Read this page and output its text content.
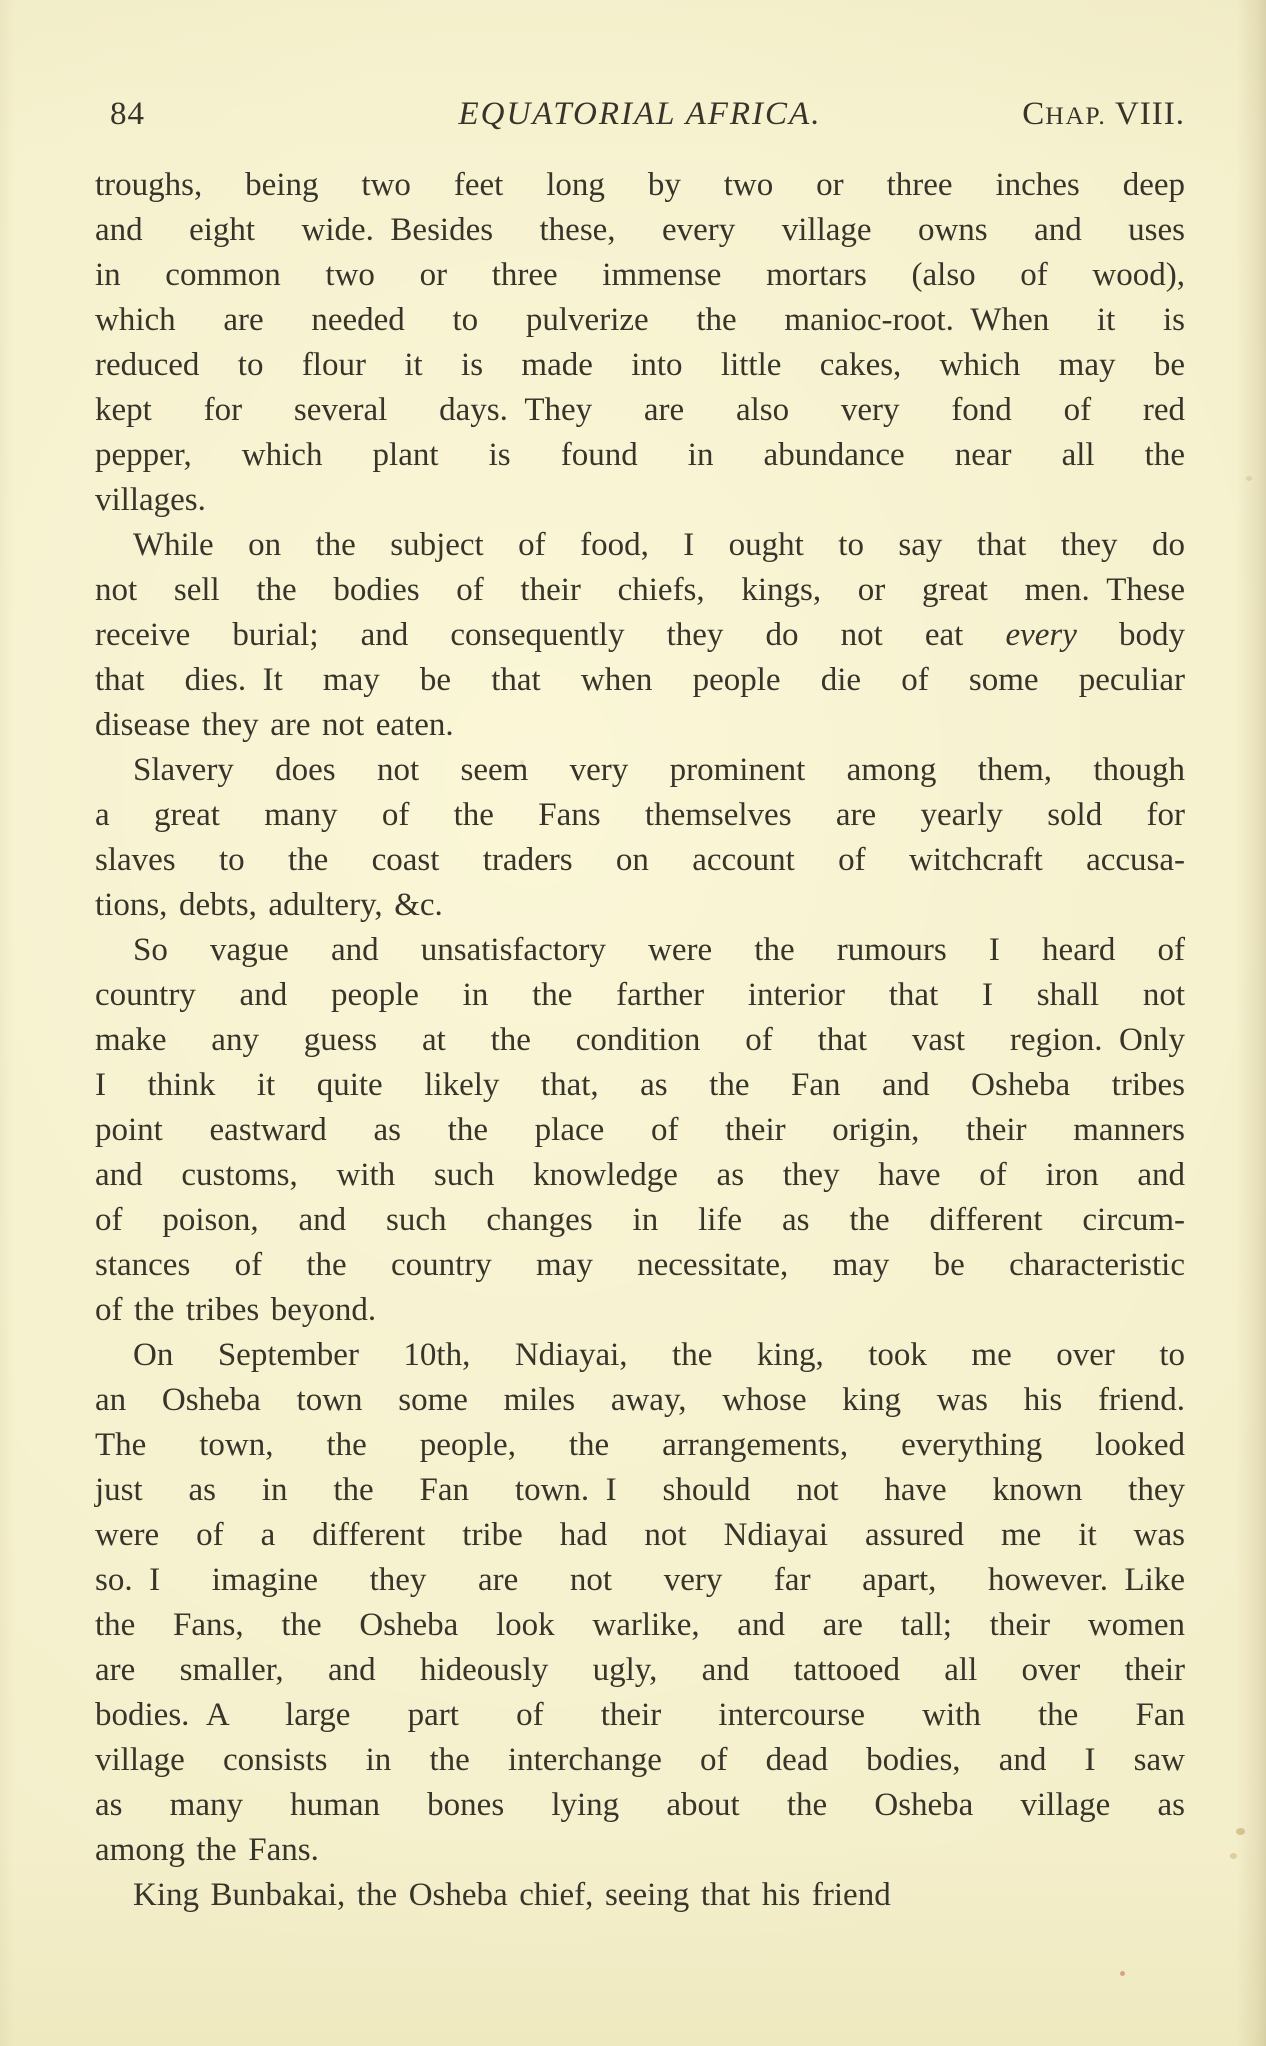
84	EQUATORIAL AFRICA.	CHAP. VIII.
troughs, being two feet long by two or three inches deep
and eight wide. Besides these, every village owns and uses
in common two or three immense mortars (also of wood),
which are needed to pulverize the manioc-root. When it is
reduced to flour it is made into little cakes, which may be
kept for several days. They are also very fond of red
pepper, which plant is found in abundance near all the
villages.
While on the subject of food, I ought to say that they do
not sell the bodies of their chiefs, kings, or great men. These
receive burial; and consequently they do not eat every body
that dies. It may be that when people die of some peculiar
disease they are not eaten.
Slavery does not seem very prominent among them, though
a great many of the Fans themselves are yearly sold for
slaves to the coast traders on account of witchcraft accusa-
tions, debts, adultery, &c.
So vague and unsatisfactory were the rumours I heard of
country and people in the farther interior that I shall not
make any guess at the condition of that vast region. Only
I think it quite likely that, as the Fan and Osheba tribes
point eastward as the place of their origin, their manners
and customs, with such knowledge as they have of iron and
of poison, and such changes in life as the different circum-
stances of the country may necessitate, may be characteristic
of the tribes beyond.
On September 10th, Ndiayai, the king, took me over to
an Osheba town some miles away, whose king was his friend.
The town, the people, the arrangements, everything looked
just as in the Fan town. I should not have known they
were of a different tribe had not Ndiayai assured me it was
so. I imagine they are not very far apart, however. Like
the Fans, the Osheba look warlike, and are tall; their women
are smaller, and hideously ugly, and tattooed all over their
bodies. A large part of their intercourse with the Fan
village consists in the interchange of dead bodies, and I saw
as many human bones lying about the Osheba village as
among the Fans.
King Bunbakai, the Osheba chief, seeing that his friend
